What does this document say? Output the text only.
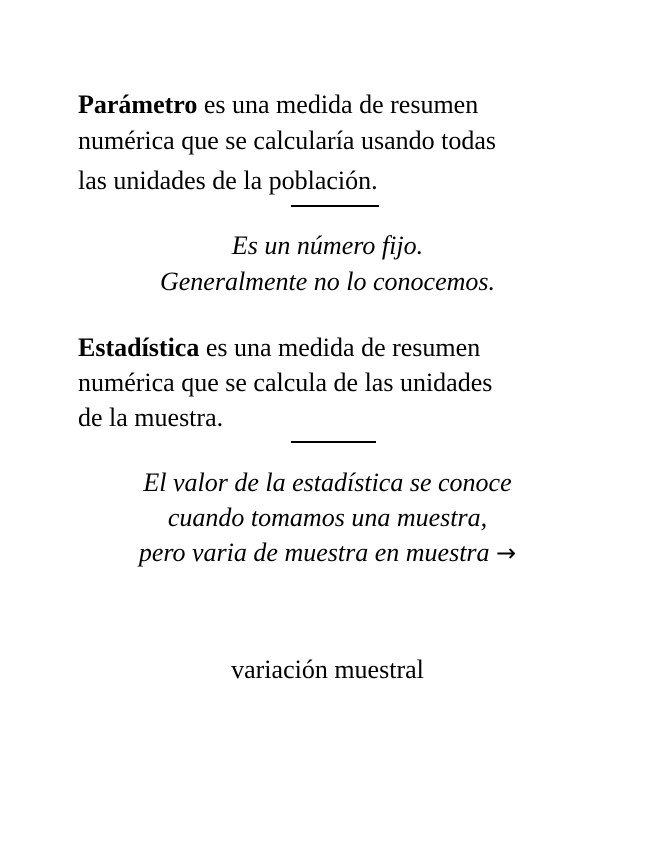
Parámetro es una medida de resumen
numérica que se calcularía usando todas
las unidades de la población.
Es un número fijo.
Generalmente no lo conocemos.
Estadística es una medida de resumen
numérica que se calcula de las unidades
de la muestra.
El valor de la estadística se conoce
cuando tomamos una muestra,
pero varia de muestra en muestra →
variación muestral
